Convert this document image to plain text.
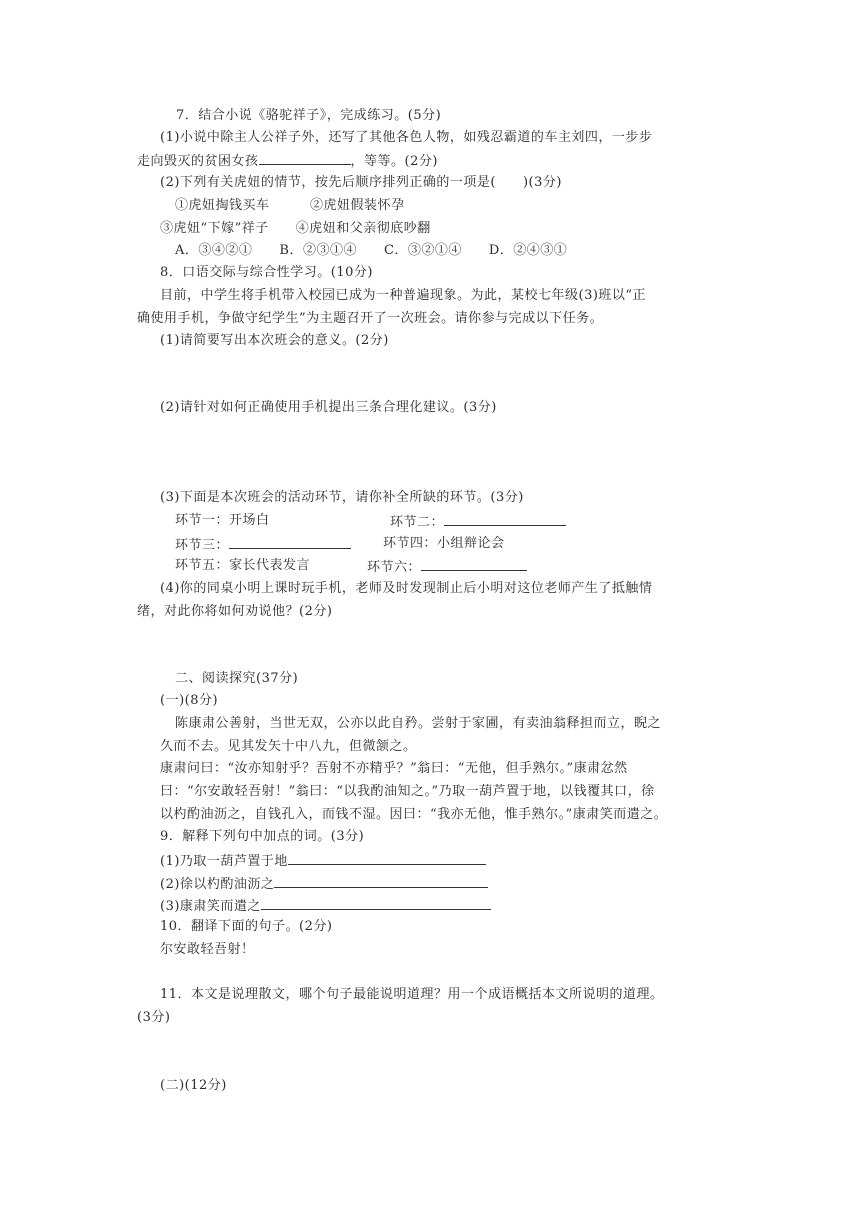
7．结合小说《骆驼祥子》，完成练习。(5分)
(1)小说中除主人公祥子外，还写了其他各色人物，如残忍霸道的车主刘四，一步步
走向毁灭的贫困女孩	，等等。(2分)
(2)下列有关虎妞的情节，按先后顺序排列正确的一项是(　　)(3分)
①虎妞掏钱买车　　　②虎妞假装怀孕
③虎妞“下嫁”祥子　　④虎妞和父亲彻底吵翻
A．③④②①　　B．②③①④　　C．③②①④　　D．②④③①
8．口语交际与综合性学习。(10分)
目前，中学生将手机带入校园已成为一种普遍现象。为此，某校七年级(3)班以“正
确使用手机，争做守纪学生”为主题召开了一次班会。请你参与完成以下任务。
(1)请简要写出本次班会的意义。(2分)
(2)请针对如何正确使用手机提出三条合理化建议。(3分)
(3)下面是本次班会的活动环节，请你补全所缺的环节。(3分)
环节一：开场白	环节二：
环节三：	环节四：小组辩论会
环节五：家长代表发言	环节六：
(4)你的同桌小明上课时玩手机，老师及时发现制止后小明对这位老师产生了抵触情
绪，对此你将如何劝说他？(2分)
二、阅读探究(37分)
(一)(8分)
陈康肃公善射，当世无双，公亦以此自矜。尝射于家圃，有卖油翁释担而立，睨之
久而不去。见其发矢十中八九，但微颔之。
康肃问曰：“汝亦知射乎？吾射不亦精乎？”翁曰：“无他，但手熟尔。”康肃忿然
曰：“尔安敢轻吾射！”翁曰：“以我酌油知之。”乃取一葫芦置于地，以钱覆其口，徐
以杓酌油沥之，自钱孔入，而钱不湿。因曰：“我亦无他，惟手熟尔。”康肃笑而遣之。
9．解释下列句中加点的词。(3分)
(1)乃取一葫芦置于地
(2)徐以杓酌油沥之
(3)康肃笑而遣之
10．翻译下面的句子。(2分)
尔安敢轻吾射！
11．本文是说理散文，哪个句子最能说明道理？用一个成语概括本文所说明的道理。
(3分)
(二)(12分)
